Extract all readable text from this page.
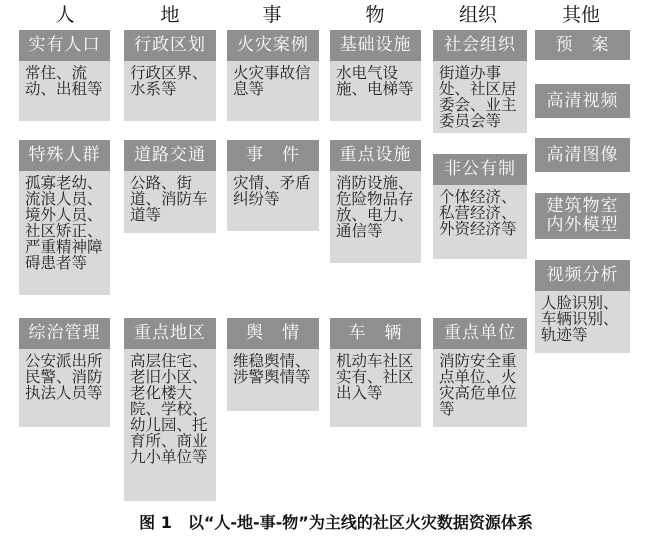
人	地	事	物	组织	其他
实有人口
常住、流动、出租等
特殊人群
孤寡老幼、流浪人员、境外人员、社区矫正、严重精神障碍患者等
综治管理
公安派出所民警、消防执法人员等
行政区划
行政区界、水系等
道路交通
公路、街道、消防车道等
重点地区
高层住宅、老旧小区、老化楼大院、学校、幼儿园、托育所、商业九小单位等
火灾案例
火灾事故信息等
事　件
灾情、矛盾纠纷等
舆　情
维稳舆情、涉警舆情等
基础设施
水电气设施、电梯等
重点设施
消防设施、危险物品存放、电力、通信等
车　辆
机动车社区实有、社区出入等
社会组织
街道办事处、社区居委会、业主委员会等
非公有制
个体经济、私营经济、外资经济等
重点单位
消防安全重点单位、火灾高危单位等
预　案
高清视频
高清图像
建筑物室内外模型
视频分析
人脸识别、车辆识别、轨迹等
图 1　以“人-地-事-物”为主线的社区火灾数据资源体系
